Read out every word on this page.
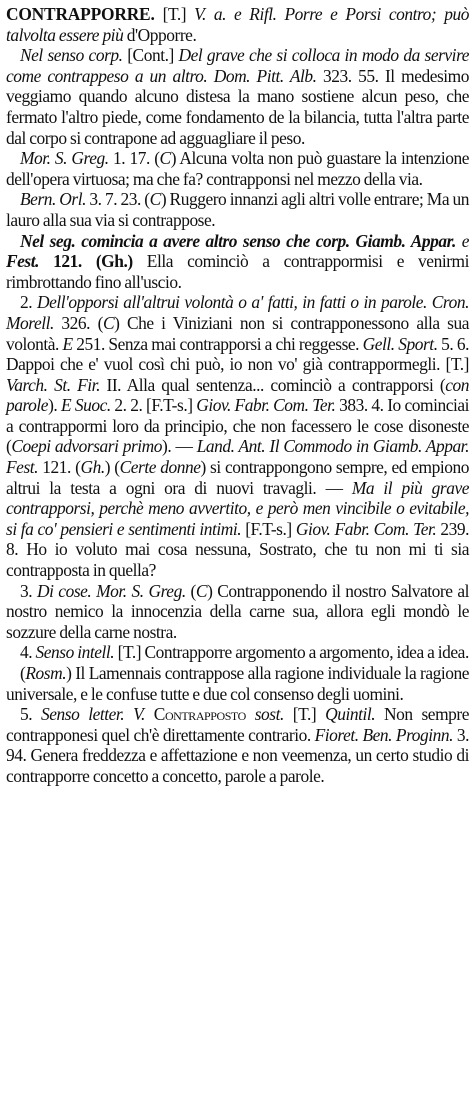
CONTRAPPORRE. [T.] V. a. e Rifl. Porre e Porsi contro; può talvolta essere più d'Opporre.

Nel senso corp. [Cont.] Del grave che si colloca in modo da servire come contrappeso a un altro. Dom. Pitt. Alb. 323. 55. Il medesimo veggiamo quando alcuno distesa la mano sostiene alcun peso, che fermato l'altro piede, come fondamento de la bilancia, tutta l'altra parte dal corpo si contrapone ad agguagliare il peso.

Mor. S. Greg. 1. 17. (C) Alcuna volta non può guastare la intenzione dell'opera virtuosa; ma che fa? contrapponsi nel mezzo della via.

Bern. Orl. 3. 7. 23. (C) Ruggero innanzi agli altri volle entrare; Ma un lauro alla sua via si contrappose.

Nel seg. comincia a avere altro senso che corp. Giamb. Appar. e Fest. 121. (Gh.) Ella cominciò a contrappormisi e venirmi rimbrottando fino all'uscio.

2. Dell'opporsi all'altrui volontà o a' fatti, in fatti o in parole. Cron. Morell. 326. (C) Che i Viniziani non si contrapponessono alla sua volontà. E 251. Senza mai contrapporsi a chi reggesse. Gell. Sport. 5. 6. Dappoi che e' vuol così chi può, io non vo' già contrappormegli. [T.] Varch. St. Fir. II. Alla qual sentenza... cominciò a contrapporsi (con parole). E Suoc. 2. 2. [F.T-s.] Giov. Fabr. Com. Ter. 383. 4. Io cominciai a contrappormi loro da principio, che non facessero le cose disoneste (Coepi advorsari primo). — Land. Ant. Il Commodo in Giamb. Appar. Fest. 121. (Gh.) (Certe donne) si contrappongono sempre, ed empiono altrui la testa a ogni ora di nuovi travagli. — Ma il più grave contrapporsi, perchè meno avvertito, e però men vincibile o evitabile, si fa co' pensieri e sentimenti intimi. [F.T-s.] Giov. Fabr. Com. Ter. 239. 8. Ho io voluto mai cosa nessuna, Sostrato, che tu non mi ti sia contrapposta in quella?

3. Di cose. Mor. S. Greg. (C) Contrapponendo il nostro Salvatore al nostro nemico la innocenzia della carne sua, allora egli mondò le sozzure della carne nostra.

4. Senso intell. [T.] Contrapporre argomento a argomento, idea a idea.

(Rosm.) Il Lamennais contrappose alla ragione individuale la ragione universale, e le confuse tutte e due col consenso degli uomini.

5. Senso letter. V. Contrapposto sost. [T.] Quintil. Non sempre contrapponesi quel ch'è direttamente contrario. Fioret. Ben. Proginn. 3. 94. Genera freddezza e affettazione e non veemenza, un certo studio di contrapporre concetto a concetto, parole a parole.
